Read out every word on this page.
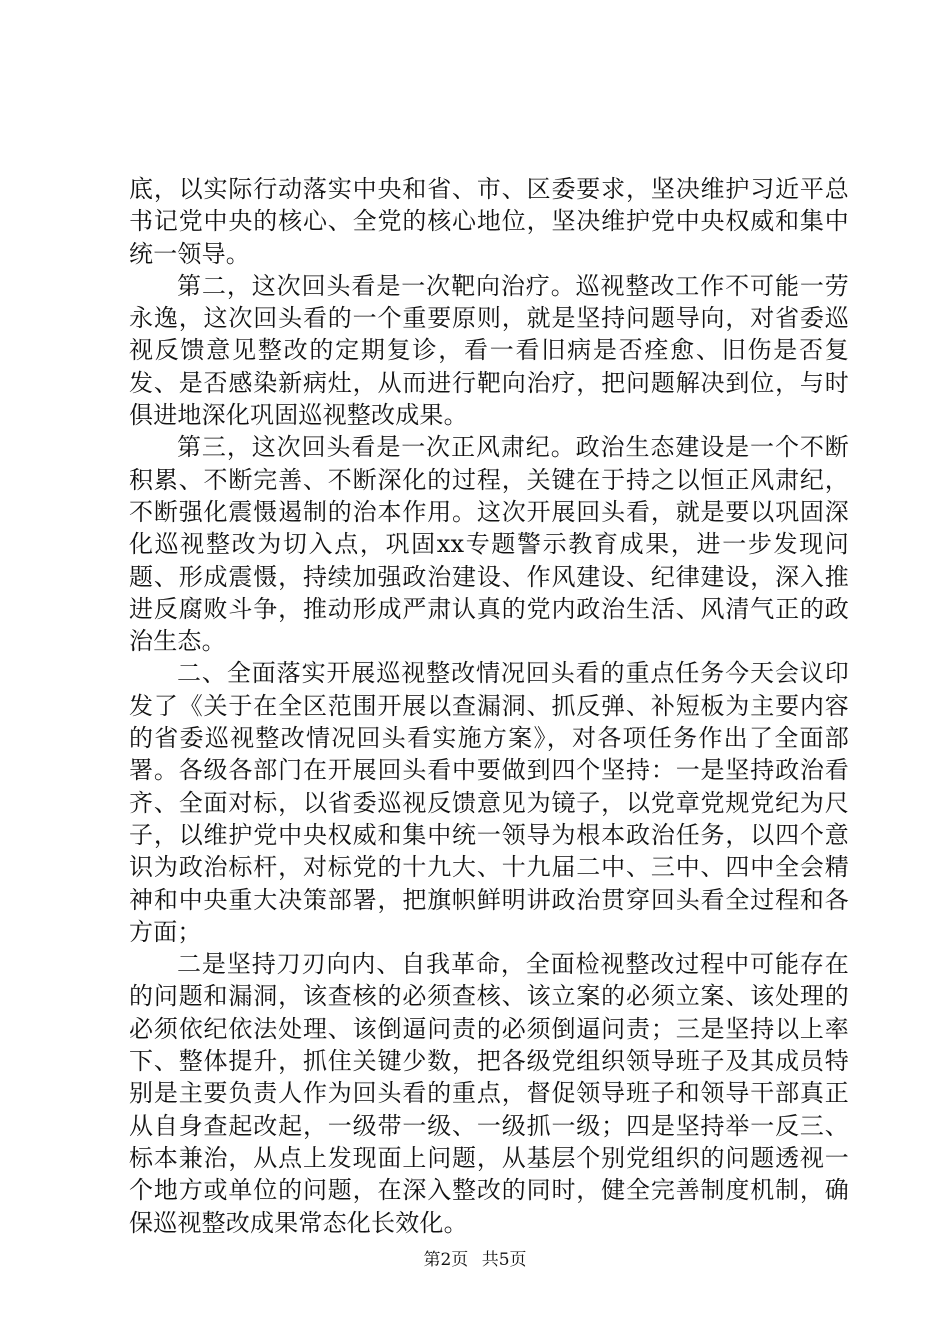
底，以实际行动落实中央和省、市、区委要求，坚决维护习近平总书记党中央的核心、全党的核心地位，坚决维护党中央权威和集中统一领导。

第二，这次回头看是一次靶向治疗。巡视整改工作不可能一劳永逸，这次回头看的一个重要原则，就是坚持问题导向，对省委巡视反馈意见整改的定期复诊，看一看旧病是否痊愈、旧伤是否复发、是否感染新病灶，从而进行靶向治疗，把问题解决到位，与时俱进地深化巩固巡视整改成果。

第三，这次回头看是一次正风肃纪。政治生态建设是一个不断积累、不断完善、不断深化的过程，关键在于持之以恒正风肃纪，不断强化震慑遏制的治本作用。这次开展回头看，就是要以巩固深化巡视整改为切入点，巩固xx专题警示教育成果，进一步发现问题、形成震慑，持续加强政治建设、作风建设、纪律建设，深入推进反腐败斗争，推动形成严肃认真的党内政治生活、风清气正的政治生态。

二、全面落实开展巡视整改情况回头看的重点任务今天会议印发了《关于在全区范围开展以查漏洞、抓反弹、补短板为主要内容的省委巡视整改情况回头看实施方案》，对各项任务作出了全面部署。各级各部门在开展回头看中要做到四个坚持：一是坚持政治看齐、全面对标，以省委巡视反馈意见为镜子，以党章党规党纪为尺子，以维护党中央权威和集中统一领导为根本政治任务，以四个意识为政治标杆，对标党的十九大、十九届二中、三中、四中全会精神和中央重大决策部署，把旗帜鲜明讲政治贯穿回头看全过程和各方面；

二是坚持刀刃向内、自我革命，全面检视整改过程中可能存在的问题和漏洞，该查核的必须查核、该立案的必须立案、该处理的必须依纪依法处理、该倒逼问责的必须倒逼问责；三是坚持以上率下、整体提升，抓住关键少数，把各级党组织领导班子及其成员特别是主要负责人作为回头看的重点，督促领导班子和领导干部真正从自身查起改起，一级带一级、一级抓一级；四是坚持举一反三、标本兼治，从点上发现面上问题，从基层个别党组织的问题透视一个地方或单位的问题，在深入整改的同时，健全完善制度机制，确保巡视整改成果常态化长效化。

第2页 共5页
